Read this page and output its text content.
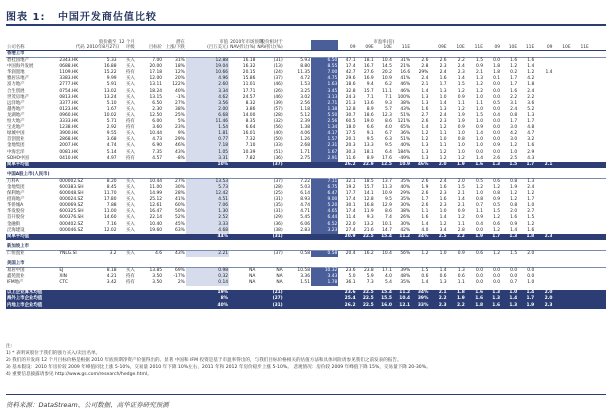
图表 1: 中国开发商估值比较
		股价截至	12 个月		潜在	市值	2010年市场预期	股价相对于			市盈率(倍)														
公司名称	代码	2010年8月27日	评级	目标价	上涨/下跌	(百万美元)	NAV折让(%)	NAV折让(%)			09	09E	10E	11E		09E	10E	11E	09	10E	11E	09	10E	11E	
香港上市																									
碧桂园地产	2343.HK	5.33	买入	7.00	31%	12.88	16.18	(31)	5.93	6.50	47.1	18.1	10.4	31%	2.6	2.6	2.2	1.5	0.0	1.6	1.6				
中国海外发展	0688.HK	16.88	买入	20.00	18%	19.04	16.32	(13)	8.80	8.55	17.4	16.7	14.5	21%	2.8	2.3	2.4	0.9	1.8	1.2	1.4				
华润置地	1109.HK	15.22	持有	17.18	12%	10.66	20.15	(24)	11.35	7.00	42.7	27.6	20.2	16.6	29%	2.4	2.3	2.1	1.8	0.2	1.2	1.4			
雅居乐地产	3383.HK	9.99	买入	12.00	20%	4.96	15.86	(37)	4.72	4.75	29.6	16.9	10.9	41%	2.4	1.6	1.4	1.3	0.1	1.7	4.2				
富力地产	2777.HK	5.91	买入	13.11	122%	2.60	11.01	(46)	1.53	1.63	18.6	9.4	6.2	46%	2.1	1.7	1.5	1.2	0.0	1.7	1.8				
合生创展	0754.HK	13.02	买入	18.24	40%	3.34	17.71	(26)	3.25	3.45	32.8	15.7	11.1	46%	1.4	1.3	1.2	1.2	0.0	1.6	2.4				
世茂房地产	0813.HK	13.24	买入	13.15	-1%	4.62	24.57	(46)	3.02	3.13	24.3	7.1	7.1	100%	1.3	1.0	0.9	1.0	0.0	2.2	2.2				
远洋地产	3377.HK	5.10	买入	6.50	27%	3.56	8.32	(39)	2.56	2.71	21.3	13.6	9.3	38%	1.3	1.4	1.1	1.1	0.5	3.1	3.6				
越秀地产	0123.HK	1.67	买入	2.30	38%	2.00	3.86	(57)	1.18	1.38	12.8	8.9	5.7	43%	1.6	1.3	1.2	1.0	0.0	2.4	5.2				
龙湖地产	0960.HK	10.02	买入	12.50	25%	6.68	14.00	(28)	5.12	5.50	30.7	18.6	12.3	51%	2.7	2.4	1.9	1.5	0.4	0.8	1.3				
恒大地产	3333.HK	5.71	持有	6.00	5%	11.46	8.35	(32)	2.39	2.56	60.5	19.0	8.6	121%	2.6	2.3	1.9	1.0	0.0	1.7	1.7				
宝龙地产	1238.HK	2.92	持有	3.60	23%	1.54	6.64	(56)	1.38	1.34	18.0	6.6	4.0	65%	1.4	1.2	0.9	0.9	0.0	3.0	4.8				
绿城中国	3900.HK	9.55	买入	10.44	9%	1.81	16.01	(40)	4.06	4.17	17.5	9.1	6.7	36%	1.2	1.1	1.0	1.4	0.0	4.2	4.7				
首创置业	2868.HK	3.68	买入	4.73	29%	0.77	7.32	(50)	1.26	1.57	20.1	9.5	6.3	51%	1.2	1.0	0.8	1.0	0.0	3.0	3.2				
金地集团	2007.HK	4.74	买入	6.90	46%	7.18	7.10	(33)	2.68	2.31	20.3	13.3	9.5	40%	1.3	1.1	1.0	1.0	0.9	1.2	1.6				
中海宏洋	0081.HK	5.14	买入	7.35	43%	1.05	10.39	(51)	1.71	1.67	30.3	18.1	6.4	184%	1.3	1.2	1.0	0.0	0.0	1.0	2.9				
SOHO中国	0410.HK	4.97	持有	4.57	-8%	3.31	7.82	(36)	2.75	2.91	11.6	8.9	17.6	-49%	1.3	1.2	1.2	1.4	2.6	2.5	4.3				
简单平均值						10%		(37)			26.2	22.9	12.5	10.9	46%	2.0	1.9	1.6	1.3	1.5	1.7	2.1			

中国A股上市(人民币)																									
万科A	000002.SZ	8.20	买入	10.44	27%	13.53		(37)	7.22	7.11	32.1	18.5	13.7	35%	2.6	2.4	2.0	0.5	0.6	0.8	1.3				
金地集团	600383.SH	8.45	买入	11.00	30%	5.73		(28)	5.03	6.75	19.2	15.7	11.3	40%	1.9	1.6	1.5	1.2	1.2	1.9	2.4				
保利地产	600048.SH	11.70	买入	14.99	28%	12.42		(25)	6.14	6.47	17.7	14.1	10.9	29%	2.6	2.3	2.1	1.0	0.8	1.2	1.2				
招商地产	000024.SZ	17.80	买入	25.12	41%	4.51		(31)	8.93	9.00	17.4	12.8	9.5	35%	1.7	1.6	1.4	0.8	0.9	1.2	1.7				
华侨城A	000069.SZ	7.88	买入	12.61	60%	7.06		(35)	4.74	5.20	30.1	16.8	12.9	30%	2.6	2.3	2.1	0.7	0.5	0.8	1.0				
华发股份	600325.SH	11.00	买入	16.47	50%	1.30		(31)	4.71	4.65	17.4	11.9	8.6	38%	1.1	1.0	0.9	1.1	1.5	2.0	2.7				
首开股份	600376.SH	14.60	买入	22.14	52%	2.52		(29)	5.45	6.44	11.4	9.3	7.4	26%	1.6	1.4	1.2	0.9	1.2	1.6	1.5				
金融街	000402.SZ	7.16	买入	10.40	45%	3.33		(36)	6.06	6.52	22.0	13.2	10.1	30%	1.4	1.2	1.1	0.4	0.6	0.9	1.2				
泛海建设	000046.SZ	12.02	买入	19.60	63%	4.68		(38)	2.83	3.23	27.4	21.6	14.7	42%	4.0	3.4	2.8	0.0	1.2	1.4	1.6				
简单平均值						44%		(31)			20.9	22.5	15.4	11.2	34%	2.5	2.2	1.9	1.7	1.3	1.8	2.3			

新加坡上市																									
仁恒置业	YNLG.SI	3.2	买入	4.6	43%	2.21		(37)	0.58	0.58	20.4	16.2	10.4	56%	1.2	1.0	0.9	0.6	1.2	1.5	2.0				

美国上市																									
易居中国	EJ	8.18	买入	13.85	69%	0.98	NA	NA	10.58	10.32	23.6	23.8	17.1	39%	1.5	1.4	1.3	0.0	0.0	0.0	0.0				
鑫苑置业	XIN	4.21	持有	3.50	-17%	0.32	NA	NA	3.36	3.43	5.0	5.9	4.0	48%	0.6	0.6	0.6	0.0	0.0	0.0	0.0				
IFM地产	CTC	3.42	持有	3.50	2%	0.14	NA	NA	1.51	1.78	36.1	7.3	5.4	35%	1.4	1.3	1.1	0.0	0.0	0.7	1.0				

以上企业算术均值						19%		(21)			23.6	22.5	15.4	11.2	34%	2.1	1.8	1.6	1.3	1.0	1.4	2.0			
海外上市企业均值						8%		(27)			25.4	22.5	15.5	10.4	39%	2.2	1.9	1.6	1.3	1.4	1.7	2.0			
内地上市企业均值						40%		(31)			26.2	22.5	16.0	12.1	33%	2.3	2.2	1.8	1.6	1.3	1.9	2.3			
注:
1) * 表明该股位于我们的强力买入/卖出名单。
2) 我们的开发商 12 个月目标价格是根据 2010 年底预期净资产价值得出的。显著 中国和 IFM 投资是基于市盈率得出的，与我们目标价格相关的估值方法和具体风险请参见我们之前发表的报告。
3) 基本假设：2010 年房价较 2009 年峰值同比上涨 5-10%，交易量 2010 年下降 10%左右，2011 年和 2012 年房价稳步上涨 5-10%。 悲观情况：房价较 2009 年峰值下降 15%，交易量下降 20-30%。
4) 重要信息披露请参见 http://www.gs.com/research/hedge.html。
资料来源：DataStream、公司数据、高华证券研究预测
